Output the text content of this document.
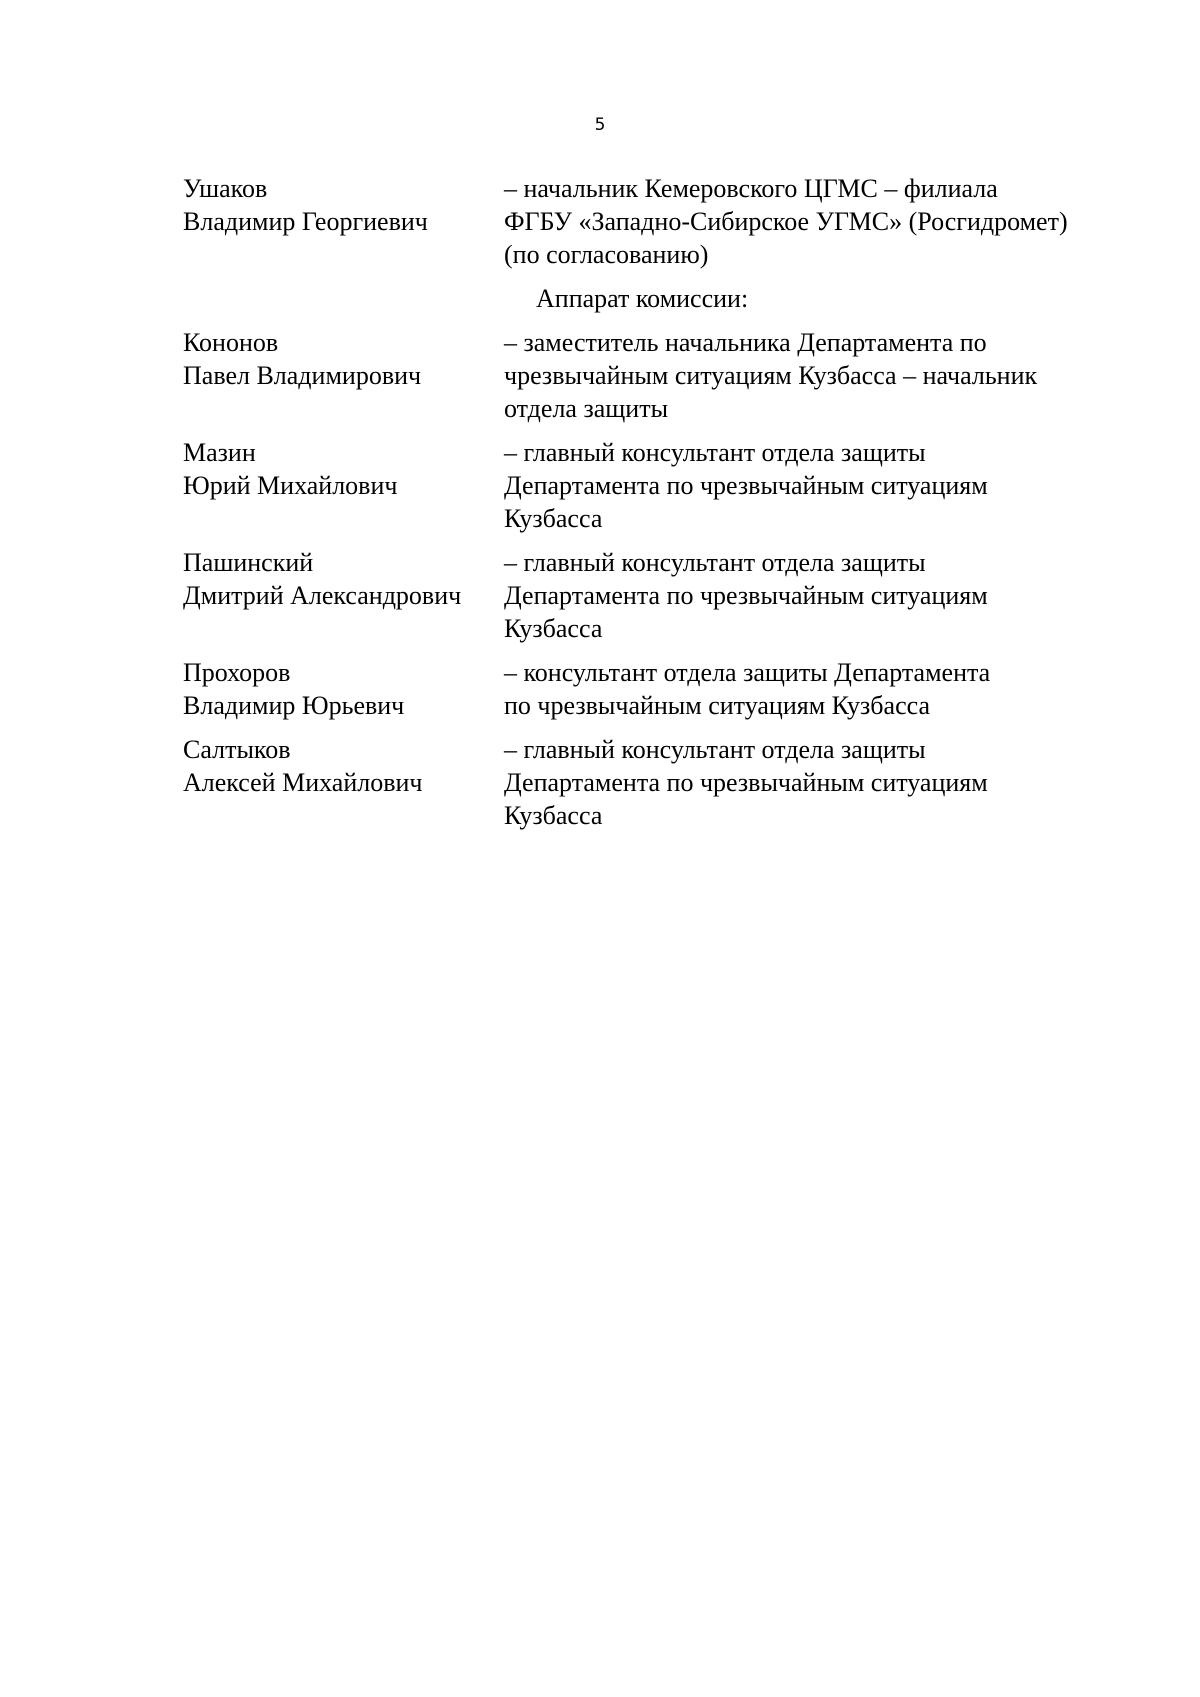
5
Ушаков
Владимир Георгиевич
– начальник Кемеровского ЦГМС – филиала
ФГБУ «Западно-Сибирское УГМС» (Росгидромет)
(по согласованию)
Аппарат комиссии:
Кононов
Павел Владимирович
– заместитель начальника Департамента по
чрезвычайным ситуациям Кузбасса – начальник
отдела защиты
Мазин
Юрий Михайлович
– главный консультант отдела защиты
Департамента по чрезвычайным ситуациям
Кузбасса
Пашинский
Дмитрий Александрович
– главный консультант отдела защиты
Департамента по чрезвычайным ситуациям
Кузбасса
Прохоров
Владимир Юрьевич
– консультант отдела защиты Департамента
по чрезвычайным ситуациям Кузбасса
Салтыков
Алексей Михайлович
– главный консультант отдела защиты
Департамента по чрезвычайным ситуациям
Кузбасса
